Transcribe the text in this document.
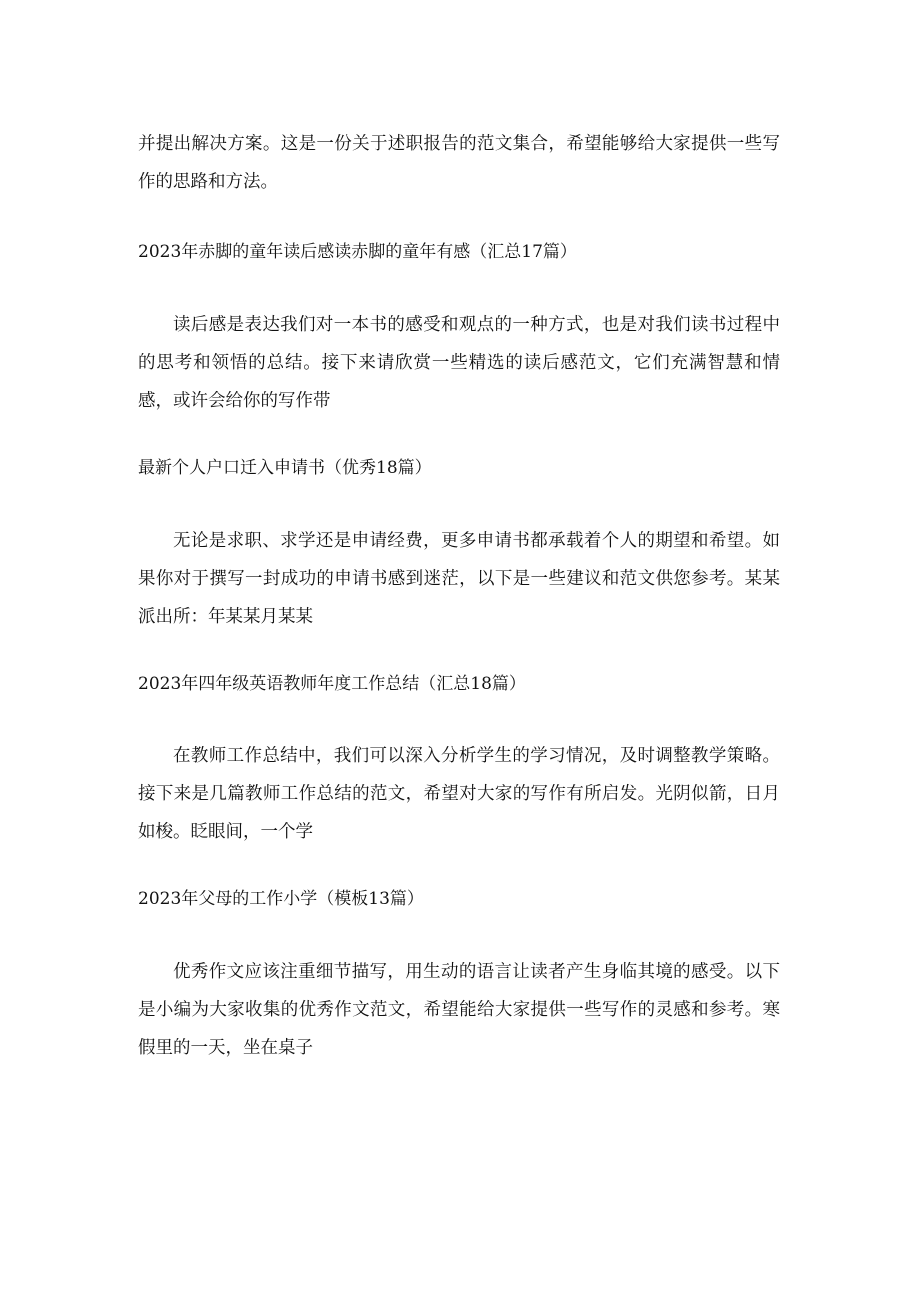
并提出解决方案。这是一份关于述职报告的范文集合，希望能够给大家提供一些写作的思路和方法。

2023年赤脚的童年读后感读赤脚的童年有感（汇总17篇）

读后感是表达我们对一本书的感受和观点的一种方式，也是对我们读书过程中的思考和领悟的总结。接下来请欣赏一些精选的读后感范文，它们充满智慧和情感，或许会给你的写作带

最新个人户口迁入申请书（优秀18篇）

无论是求职、求学还是申请经费，更多申请书都承载着个人的期望和希望。如果你对于撰写一封成功的申请书感到迷茫，以下是一些建议和范文供您参考。某某派出所：年某某月某某

2023年四年级英语教师年度工作总结（汇总18篇）

在教师工作总结中，我们可以深入分析学生的学习情况，及时调整教学策略。接下来是几篇教师工作总结的范文，希望对大家的写作有所启发。光阴似箭，日月如梭。眨眼间，一个学

2023年父母的工作小学（模板13篇）

优秀作文应该注重细节描写，用生动的语言让读者产生身临其境的感受。以下是小编为大家收集的优秀作文范文，希望能给大家提供一些写作的灵感和参考。寒假里的一天，坐在桌子
